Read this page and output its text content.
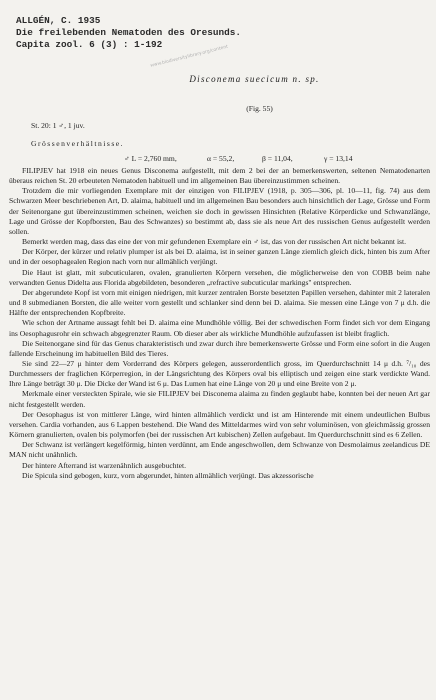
ALLGÉN, C. 1935
Die freilebenden Nematoden des Oresunds.
Capita zool. 6 (3) : 1-192
www.biodiversitylibrary.org/content
Disconema suecicum n. sp.
(Fig. 55)
St. 20: 1 ♂, 1 juv.
Grössenverhältnisse.
♂ L = 2,760 mm,	α = 55,2,	β = 11,04,	γ = 13,14

FILIPJEV hat 1918 ein neues Genus Disconema aufgestellt, mit dem 2 bei der an bemerkenswerten, seltenen Nematodenarten überaus reichen St. 20 erbeuteten Nematoden habituell und im allgemeinen Bau übereinzustimmen scheinen.

Trotzdem die mir vorliegenden Exemplare mit der einzigen von FILIPJEV (1918, p. 305—306, pl. 10—11, fig. 74) aus dem Schwarzen Meer beschriebenen Art, D. alaima, habituell und im allgemeinen Bau besonders auch hinsichtlich der Lage, Grösse und Form der Seitenorgane gut übereinzustimmen scheinen, weichen sie doch in gewissen Hinsichten (Relative Körperdicke und Schwanzlänge, Lage und Grösse der Kopfborsten, Bau des Schwanzes) so bestimmt ab, dass sie als neue Art des russischen Genus aufgestellt werden sollen.

Bemerkt werden mag, dass das eine der von mir gefundenen Exemplare ein ♂ ist, das von der russischen Art nicht bekannt ist.

Der Körper, der kürzer und relativ plumper ist als bei D. alaima, ist in seiner ganzen Länge ziemlich gleich dick, hinten bis zum After und in der oesophagealen Region nach vorn nur allmählich verjüngt.

Die Haut ist glatt, mit subcuticularen, ovalen, granulierten Körpern versehen, die möglicherweise den von COBB beim nahe verwandten Genus Didelta aus Florida abgebildeten, besonderen „refractive subcuticular markings" entsprechen.

Der abgerundete Kopf ist vorn mit einigen niedrigen, mit kurzer zentralen Borste besetzten Papillen versehen, dahinter mit 2 lateralen und 8 submedianen Borsten, die alle weiter vorn gestellt und schlanker sind denn bei D. alaima. Sie messen eine Länge von 7 μ d.h. die Hälfte der entsprechenden Kopfbreite.

Wie schon der Artname aussagt fehlt bei D. alaima eine Mundhöhle völlig. Bei der schwedischen Form findet sich vor dem Eingang ins Oesophagusrohr ein schwach abgegrenzter Raum. Ob dieser aber als wirkliche Mundhöhle aufzufassen ist bleibt fraglich.

Die Seitenorgane sind für das Genus charakteristisch und zwar durch ihre bemerkenswerte Grösse und Form eine sofort in die Augen fallende Erscheinung im habituellen Bild des Tieres.

Sie sind 22—27 μ hinter dem Vorderrand des Körpers gelegen, ausserordentlich gross, im Querdurchschnitt 14 μ d.h. ⁷/₁₀ des Durchmessers der fraglichen Körperregion, in der Längsrichtung des Körpers oval bis elliptisch und zeigen eine stark verdickte Wand. Ihre Länge beträgt 30 μ. Die Dicke der Wand ist 6 μ. Das Lumen hat eine Länge von 20 μ und eine Breite von 2 μ.

Merkmale einer versteckten Spirale, wie sie FILIPJEV bei Disconema alaima zu finden geglaubt habe, konnten bei der neuen Art gar nicht festgestellt werden.

Der Oesophagus ist von mittlerer Länge, wird hinten allmählich verdickt und ist am Hinterende mit einem undeutlichen Bulbus versehen. Cardia vorhanden, aus 6 Lappen bestehend. Die Wand des Mitteldarmes wird von sehr voluminösen, von gleichmässig grossen Körnern granulierten, ovalen bis polymorfen (bei der russischen Art kubischen) Zellen aufgebaut. Im Querdurchschnitt sind es 6 Zellen.

Der Schwanz ist verlängert kegelförmig, hinten verdünnt, am Ende angeschwollen, dem Schwanze von Desmolaimus zeelandicus DE MAN nicht unähnlich.

Der hintere Afterrand ist warzenähnlich ausgebuchtet.

Die Spicula sind gebogen, kurz, vorn abgerundet, hinten allmählich verjüngt. Das akzessorische
